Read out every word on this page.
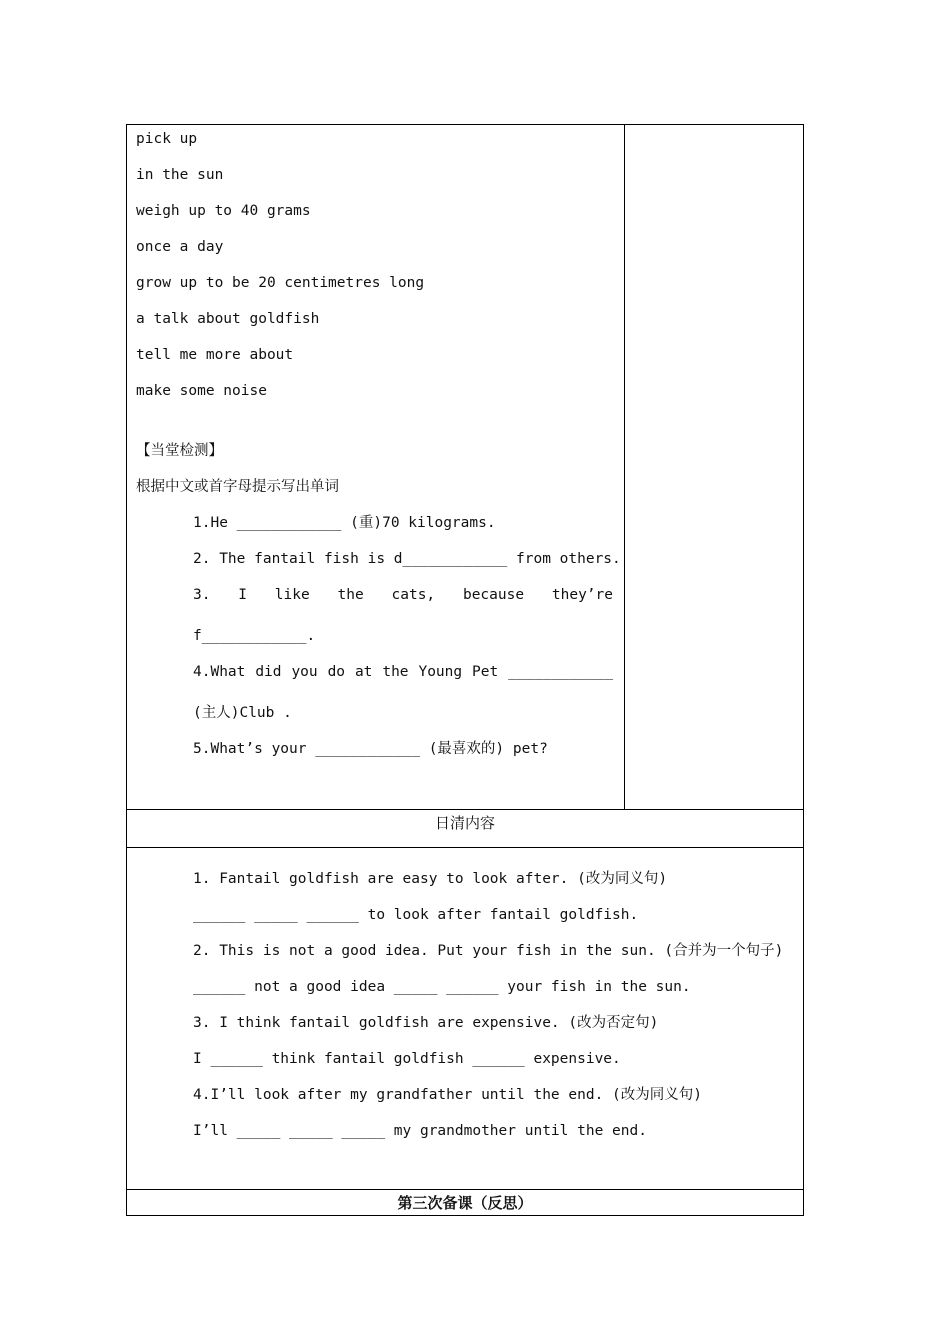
pick up
in the sun
weigh up to 40 grams
once a day
grow up to be 20 centimetres long
a talk about goldfish
tell me more about
make some noise
【当堂检测】
根据中文或首字母提示写出单词
1.He ____________ (重)70 kilograms.
2. The fantail fish is d____________ from others.
3. I like the cats, because they’re
f____________.
4.What did you do at the Young Pet ____________
(主人)Club .
5.What’s your ____________ (最喜欢的) pet?
日清内容
1. Fantail goldfish are easy to look after. (改为同义句)
______ _____ ______ to look after fantail goldfish.
2. This is not a good idea. Put your fish in the sun. (合并为一个句子)
______ not a good idea _____ ______ your fish in the sun.
3. I think fantail goldfish are expensive. (改为否定句)
I ______ think fantail goldfish ______ expensive.
4.I’ll look after my grandfather until the end. (改为同义句)
I’ll _____ _____ _____ my grandmother until the end.
第三次备课（反思）
